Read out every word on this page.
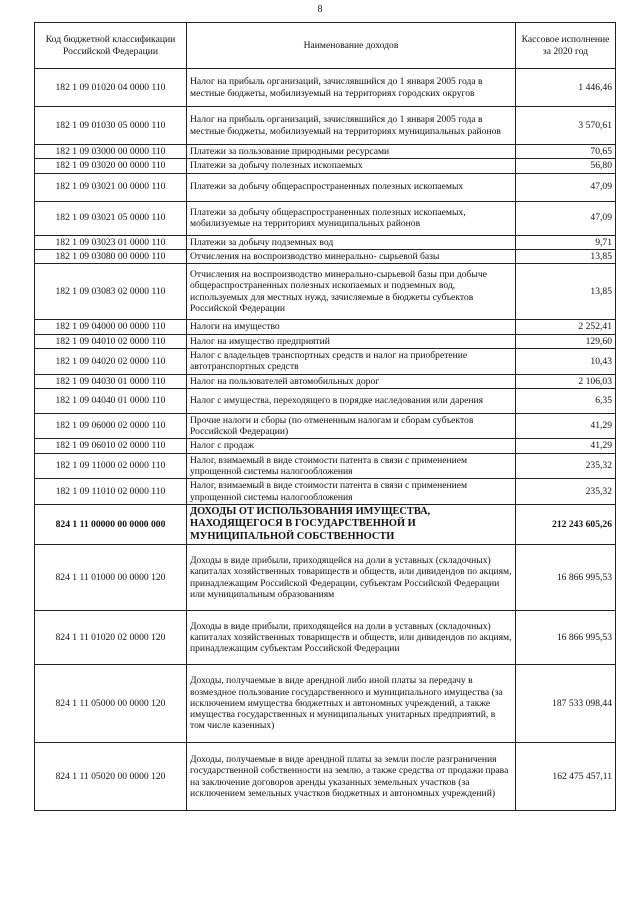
8
Код бюджетной классификации Российской Федерации	Наименование доходов	Кассовое исполнение за 2020 год
182 1 09 01020 04 0000 110	Налог на прибыль организаций, зачислявшийся до 1 января 2005 года в местные бюджеты, мобилизуемый на территориях городских округов	1 446,46
182 1 09 01030 05 0000 110	Налог на прибыль организаций, зачислявшийся до 1 января 2005 года в местные бюджеты, мобилизуемый на территориях муниципальных районов	3 570,61
182 1 09 03000 00 0000 110	Платежи за пользование природными ресурсами	70,65
182 1 09 03020 00 0000 110	Платежи за добычу полезных ископаемых	56,80
182 1 09 03021 00 0000 110	Платежи за добычу общераспространенных полезных ископаемых	47,09
182 1 09 03021 05 0000 110	Платежи за добычу общераспространенных полезных ископаемых, мобилизуемые на территориях муниципальных районов	47,09
182 1 09 03023 01 0000 110	Платежи за добычу подземных вод	9,71
182 1 09 03080 00 0000 110	Отчисления на воспроизводство минерально- сырьевой базы	13,85
182 1 09 03083 02 0000 110	Отчисления на воспроизводство минерально-сырьевой базы при добыче общераспространенных полезных ископаемых и подземных вод, используемых для местных нужд, зачисляемые в бюджеты субъектов Российской Федерации	13,85
182 1 09 04000 00 0000 110	Налоги на имущество	2 252,41
182 1 09 04010 02 0000 110	Налог на имущество предприятий	129,60
182 1 09 04020 02 0000 110	Налог с владельцев транспортных средств и налог на приобретение автотранспортных средств	10,43
182 1 09 04030 01 0000 110	Налог на пользователей автомобильных дорог	2 106,03
182 1 09 04040 01 0000 110	Налог с имущества, переходящего в порядке наследования или дарения	6,35
182 1 09 06000 02 0000 110	Прочие налоги и сборы (по отмененным налогам и сборам субъектов Российской Федерации)	41,29
182 1 09 06010 02 0000 110	Налог с продаж	41,29
182 1 09 11000 02 0000 110	Налог, взимаемый в виде стоимости патента в связи с применением упрощенной системы налогообложения	235,32
182 1 09 11010 02 0000 110	Налог, взимаемый в виде стоимости патента в связи с применением упрощенной системы налогообложения	235,32
824 1 11 00000 00 0000 000	ДОХОДЫ ОТ ИСПОЛЬЗОВАНИЯ ИМУЩЕСТВА, НАХОДЯЩЕГОСЯ В ГОСУДАРСТВЕННОЙ И МУНИЦИПАЛЬНОЙ СОБСТВЕННОСТИ	212 243 605,26
824 1 11 01000 00 0000 120	Доходы в виде прибыли, приходящейся на доли в уставных (складочных) капиталах хозяйственных товариществ и обществ, или дивидендов по акциям, принадлежащим Российской Федерации, субъектам Российской Федерации или муниципальным образованиям	16 866 995,53
824 1 11 01020 02 0000 120	Доходы в виде прибыли, приходящейся на доли в уставных (складочных) капиталах хозяйственных товариществ и обществ, или дивидендов по акциям, принадлежащим субъектам Российской Федерации	16 866 995,53
824 1 11 05000 00 0000 120	Доходы, получаемые в виде арендной либо иной платы за передачу в возмездное пользование государственного и муниципального имущества (за исключением имущества бюджетных и автономных учреждений, а также имущества государственных и муниципальных унитарных предприятий, в том числе казенных)	187 533 098,44
824 1 11 05020 00 0000 120	Доходы, получаемые в виде арендной платы за земли после разграничения государственной собственности на землю, а также средства от продажи права на заключение договоров аренды указанных земельных участков (за исключением земельных участков бюджетных и автономных учреждений)	162 475 457,11
